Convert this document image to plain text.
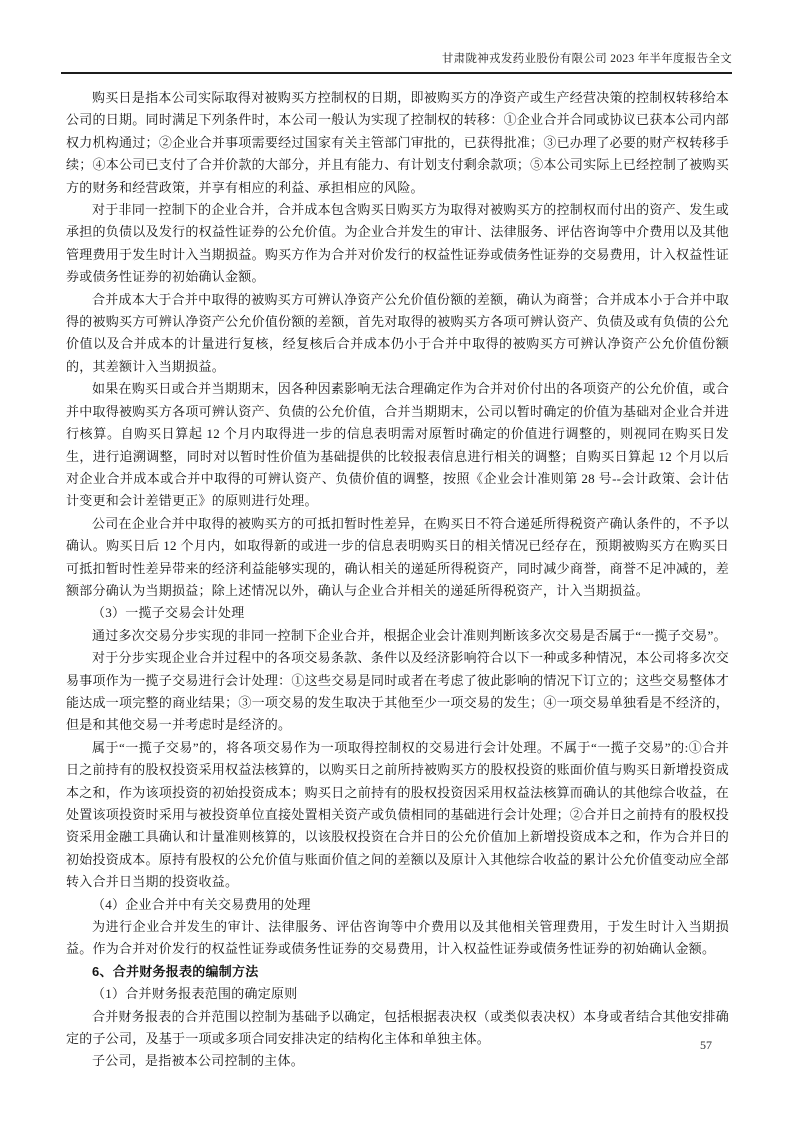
甘肃陇神戎发药业股份有限公司 2023 年半年度报告全文

购买日是指本公司实际取得对被购买方控制权的日期，即被购买方的净资产或生产经营决策的控制权转移给本公司的日期。同时满足下列条件时，本公司一般认为实现了控制权的转移：①企业合并合同或协议已获本公司内部权力机构通过；②企业合并事项需要经过国家有关主管部门审批的，已获得批准；③已办理了必要的财产权转移手续；④本公司已支付了合并价款的大部分，并且有能力、有计划支付剩余款项；⑤本公司实际上已经控制了被购买方的财务和经营政策，并享有相应的利益、承担相应的风险。

对于非同一控制下的企业合并，合并成本包含购买日购买方为取得对被购买方的控制权而付出的资产、发生或承担的负债以及发行的权益性证券的公允价值。为企业合并发生的审计、法律服务、评估咨询等中介费用以及其他管理费用于发生时计入当期损益。购买方作为合并对价发行的权益性证券或债务性证券的交易费用，计入权益性证券或债务性证券的初始确认金额。

合并成本大于合并中取得的被购买方可辨认净资产公允价值份额的差额，确认为商誉；合并成本小于合并中取得的被购买方可辨认净资产公允价值份额的差额，首先对取得的被购买方各项可辨认资产、负债及或有负债的公允价值以及合并成本的计量进行复核，经复核后合并成本仍小于合并中取得的被购买方可辨认净资产公允价值份额的，其差额计入当期损益。

如果在购买日或合并当期期末，因各种因素影响无法合理确定作为合并对价付出的各项资产的公允价值，或合并中取得被购买方各项可辨认资产、负债的公允价值，合并当期期末，公司以暂时确定的价值为基础对企业合并进行核算。自购买日算起 12 个月内取得进一步的信息表明需对原暂时确定的价值进行调整的，则视同在购买日发生，进行追溯调整，同时对以暂时性价值为基础提供的比较报表信息进行相关的调整；自购买日算起 12 个月以后对企业合并成本或合并中取得的可辨认资产、负债价值的调整，按照《企业会计准则第 28 号--会计政策、会计估计变更和会计差错更正》的原则进行处理。

公司在企业合并中取得的被购买方的可抵扣暂时性差异，在购买日不符合递延所得税资产确认条件的，不予以确认。购买日后 12 个月内，如取得新的或进一步的信息表明购买日的相关情况已经存在，预期被购买方在购买日可抵扣暂时性差异带来的经济利益能够实现的，确认相关的递延所得税资产，同时减少商誉，商誉不足冲减的，差额部分确认为当期损益；除上述情况以外，确认与企业合并相关的递延所得税资产，计入当期损益。

（3）一揽子交易会计处理

通过多次交易分步实现的非同一控制下企业合并，根据企业会计准则判断该多次交易是否属于“一揽子交易”。

对于分步实现企业合并过程中的各项交易条款、条件以及经济影响符合以下一种或多种情况，本公司将多次交易事项作为一揽子交易进行会计处理：①这些交易是同时或者在考虑了彼此影响的情况下订立的；这些交易整体才能达成一项完整的商业结果；③一项交易的发生取决于其他至少一项交易的发生；④一项交易单独看是不经济的，但是和其他交易一并考虑时是经济的。

属于“一揽子交易”的，将各项交易作为一项取得控制权的交易进行会计处理。不属于“一揽子交易”的:①合并日之前持有的股权投资采用权益法核算的，以购买日之前所持被购买方的股权投资的账面价值与购买日新增投资成本之和，作为该项投资的初始投资成本；购买日之前持有的股权投资因采用权益法核算而确认的其他综合收益，在处置该项投资时采用与被投资单位直接处置相关资产或负债相同的基础进行会计处理；②合并日之前持有的股权投资采用金融工具确认和计量准则核算的，以该股权投资在合并日的公允价值加上新增投资成本之和，作为合并日的初始投资成本。原持有股权的公允价值与账面价值之间的差额以及原计入其他综合收益的累计公允价值变动应全部转入合并日当期的投资收益。

（4）企业合并中有关交易费用的处理

为进行企业合并发生的审计、法律服务、评估咨询等中介费用以及其他相关管理费用，于发生时计入当期损益。作为合并对价发行的权益性证券或债务性证券的交易费用，计入权益性证券或债务性证券的初始确认金额。

6、合并财务报表的编制方法

（1）合并财务报表范围的确定原则

合并财务报表的合并范围以控制为基础予以确定，包括根据表决权（或类似表决权）本身或者结合其他安排确定的子公司，及基于一项或多项合同安排决定的结构化主体和单独主体。

子公司，是指被本公司控制的主体。

57
